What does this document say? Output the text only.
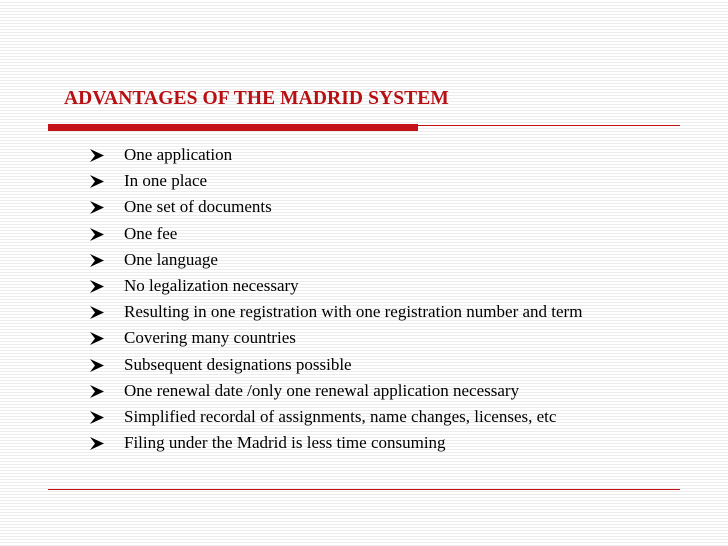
ADVANTAGES OF THE MADRID SYSTEM
One application
In one place
One set of documents
One fee
One language
No legalization necessary
Resulting in one registration with one registration number and term
Covering many countries
Subsequent designations possible
One renewal date /only one renewal application necessary
Simplified recordal of assignments, name changes, licenses, etc
Filing under the Madrid is less time consuming
